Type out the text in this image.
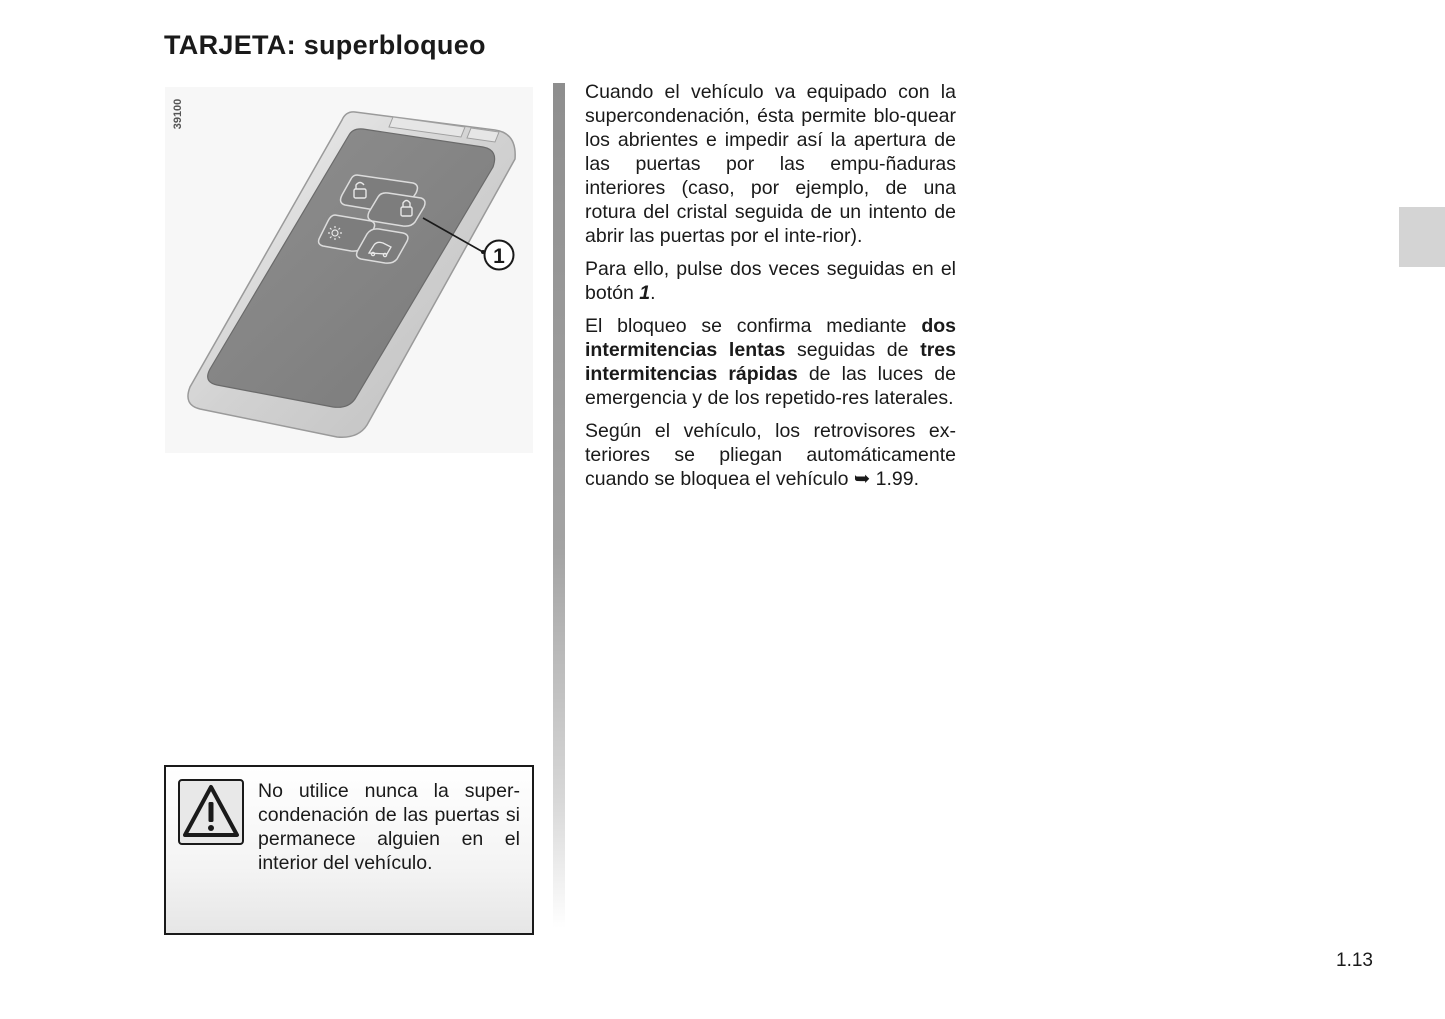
TARJETA: superbloqueo
1
39100

Cuando el vehículo va equipado con la supercondenación, ésta permite blo-quear los abrientes e impedir así la apertura de las puertas por las empu-ñaduras interiores (caso, por ejemplo, de una rotura del cristal seguida de un intento de abrir las puertas por el inte-rior).

Para ello, pulse dos veces seguidas en el botón 1.

El bloqueo se confirma mediante dos intermitencias lentas seguidas de tres intermitencias rápidas de las luces de emergencia y de los repetido-res laterales.

Según el vehículo, los retrovisores ex-teriores se pliegan automáticamente cuando se bloquea el vehículo ➥ 1.99.

No utilice nunca la super-condenación de las puertas si permanece alguien en el interior del vehículo.
1.13
